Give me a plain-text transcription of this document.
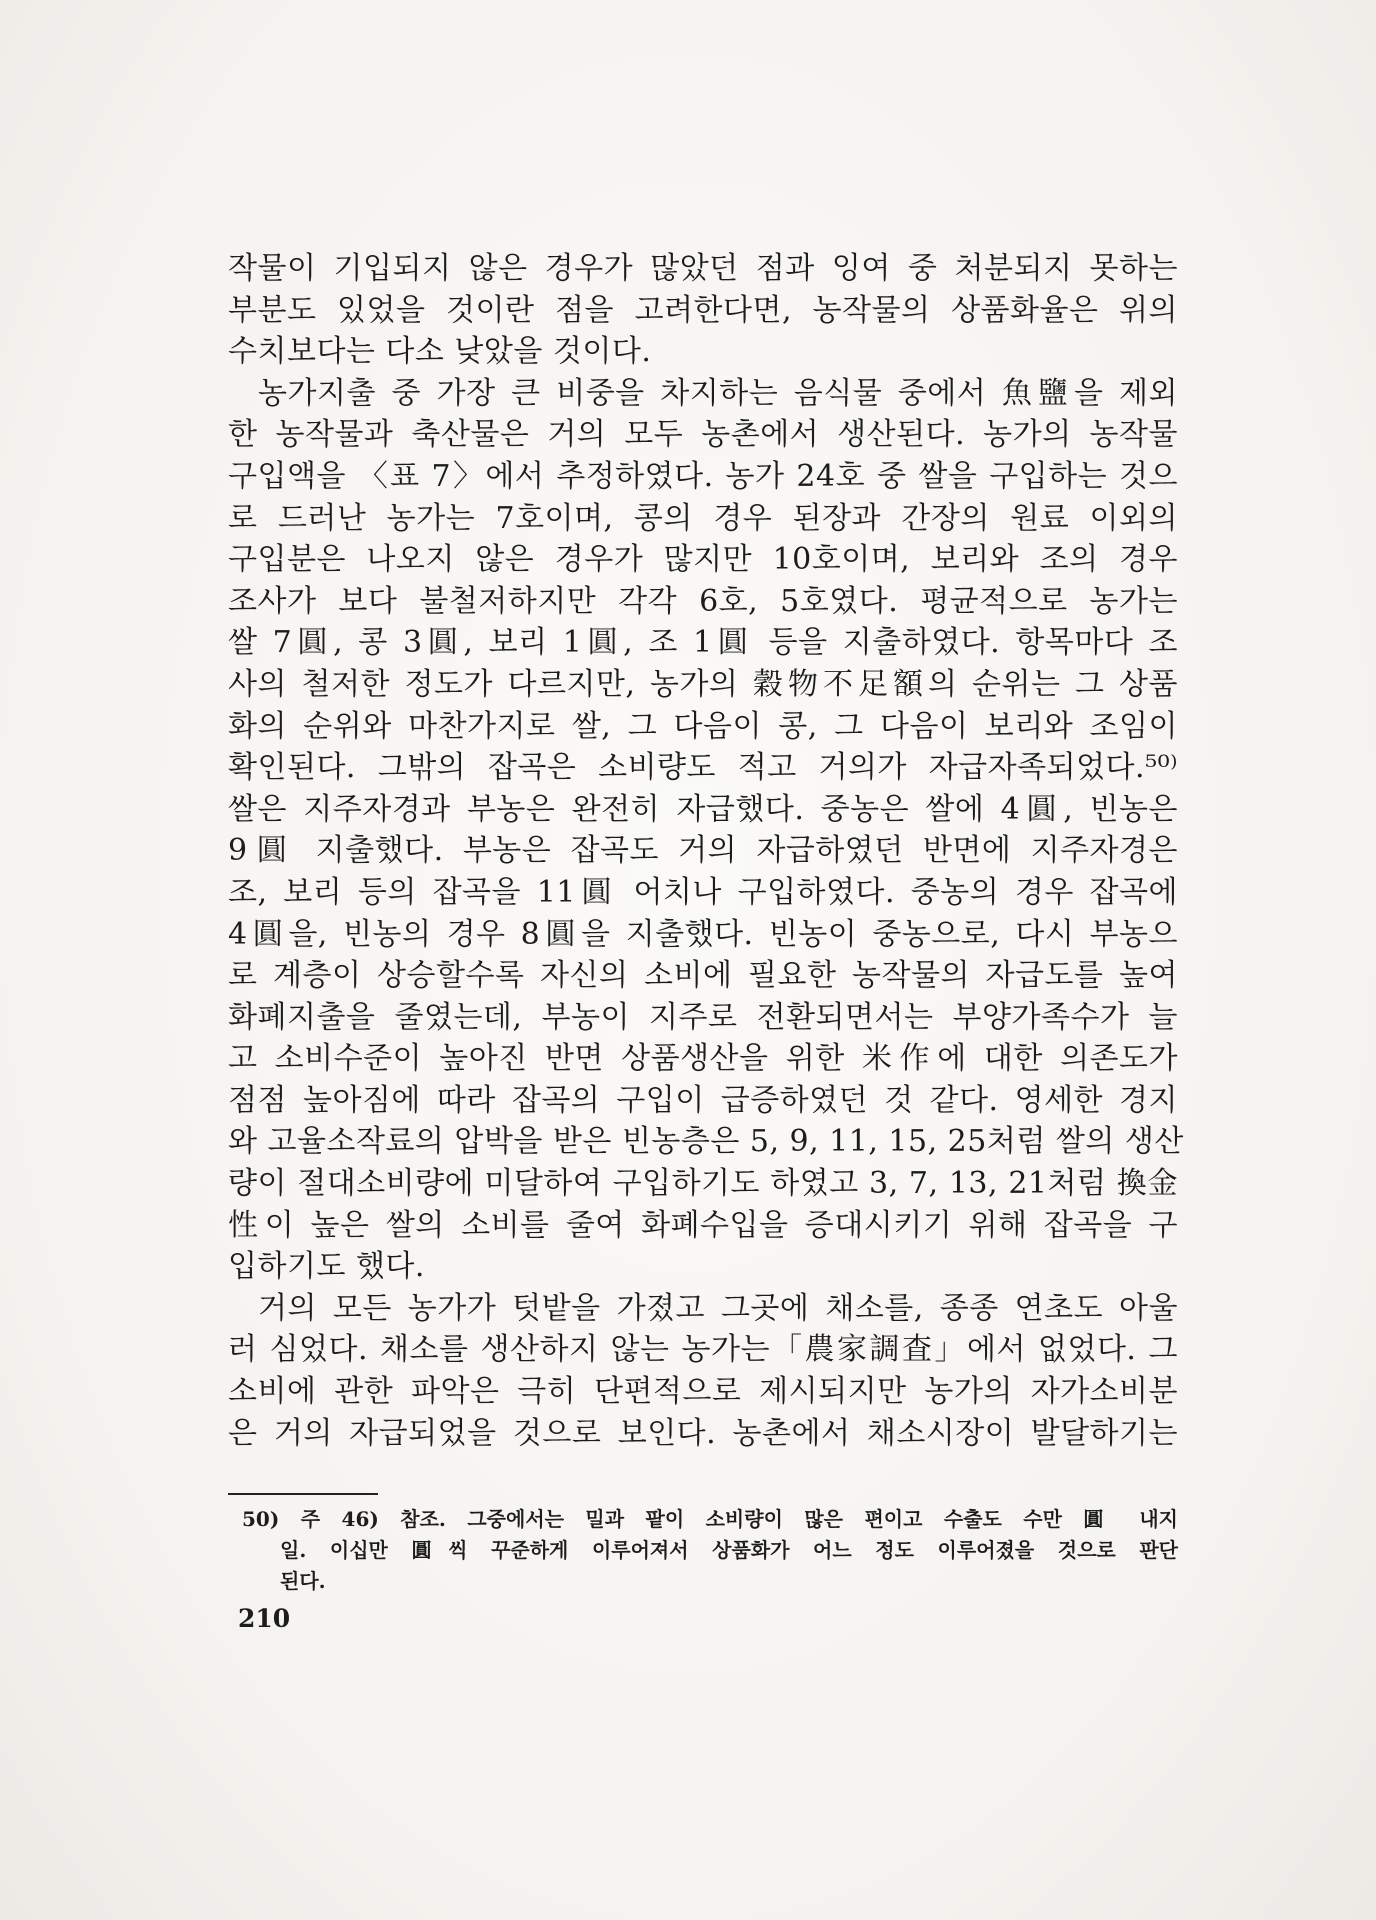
작물이 기입되지 않은 경우가 많았던 점과 잉여 중 처분되지 못하는
부분도 있었을 것이란 점을 고려한다면, 농작물의 상품화율은 위의
수치보다는 다소 낮았을 것이다.
농가지출 중 가장 큰 비중을 차지하는 음식물 중에서 魚鹽을 제외
한 농작물과 축산물은 거의 모두 농촌에서 생산된다. 농가의 농작물
구입액을 〈표 7〉에서 추정하였다. 농가 24호 중 쌀을 구입하는 것으
로 드러난 농가는 7호이며, 콩의 경우 된장과 간장의 원료 이외의
구입분은 나오지 않은 경우가 많지만 10호이며, 보리와 조의 경우
조사가 보다 불철저하지만 각각 6호, 5호였다. 평균적으로 농가는
쌀 7圓, 콩 3圓, 보리 1圓, 조 1圓 등을 지출하였다. 항목마다 조
사의 철저한 정도가 다르지만, 농가의 穀物不足額의 순위는 그 상품
화의 순위와 마찬가지로 쌀, 그 다음이 콩, 그 다음이 보리와 조임이
확인된다. 그밖의 잡곡은 소비량도 적고 거의가 자급자족되었다.⁵⁰⁾
쌀은 지주자경과 부농은 완전히 자급했다. 중농은 쌀에 4圓, 빈농은
9圓 지출했다. 부농은 잡곡도 거의 자급하였던 반면에 지주자경은
조, 보리 등의 잡곡을 11圓 어치나 구입하였다. 중농의 경우 잡곡에
4圓을, 빈농의 경우 8圓을 지출했다. 빈농이 중농으로, 다시 부농으
로 계층이 상승할수록 자신의 소비에 필요한 농작물의 자급도를 높여
화폐지출을 줄였는데, 부농이 지주로 전환되면서는 부양가족수가 늘
고 소비수준이 높아진 반면 상품생산을 위한 米作에 대한 의존도가
점점 높아짐에 따라 잡곡의 구입이 급증하였던 것 같다. 영세한 경지
와 고율소작료의 압박을 받은 빈농층은 5, 9, 11, 15, 25처럼 쌀의 생산
량이 절대소비량에 미달하여 구입하기도 하였고 3, 7, 13, 21처럼 換金
性이 높은 쌀의 소비를 줄여 화폐수입을 증대시키기 위해 잡곡을 구
입하기도 했다.
거의 모든 농가가 텃밭을 가졌고 그곳에 채소를, 종종 연초도 아울
러 심었다. 채소를 생산하지 않는 농가는「農家調査」에서 없었다. 그
소비에 관한 파악은 극히 단편적으로 제시되지만 농가의 자가소비분
은 거의 자급되었을 것으로 보인다. 농촌에서 채소시장이 발달하기는
50) 주 46) 참조. 그중에서는 밀과 팥이 소비량이 많은 편이고 수출도 수만 圓 내지
일. 이십만 圓씩 꾸준하게 이루어져서 상품화가 어느 정도 이루어졌을 것으로 판단
된다.
210
